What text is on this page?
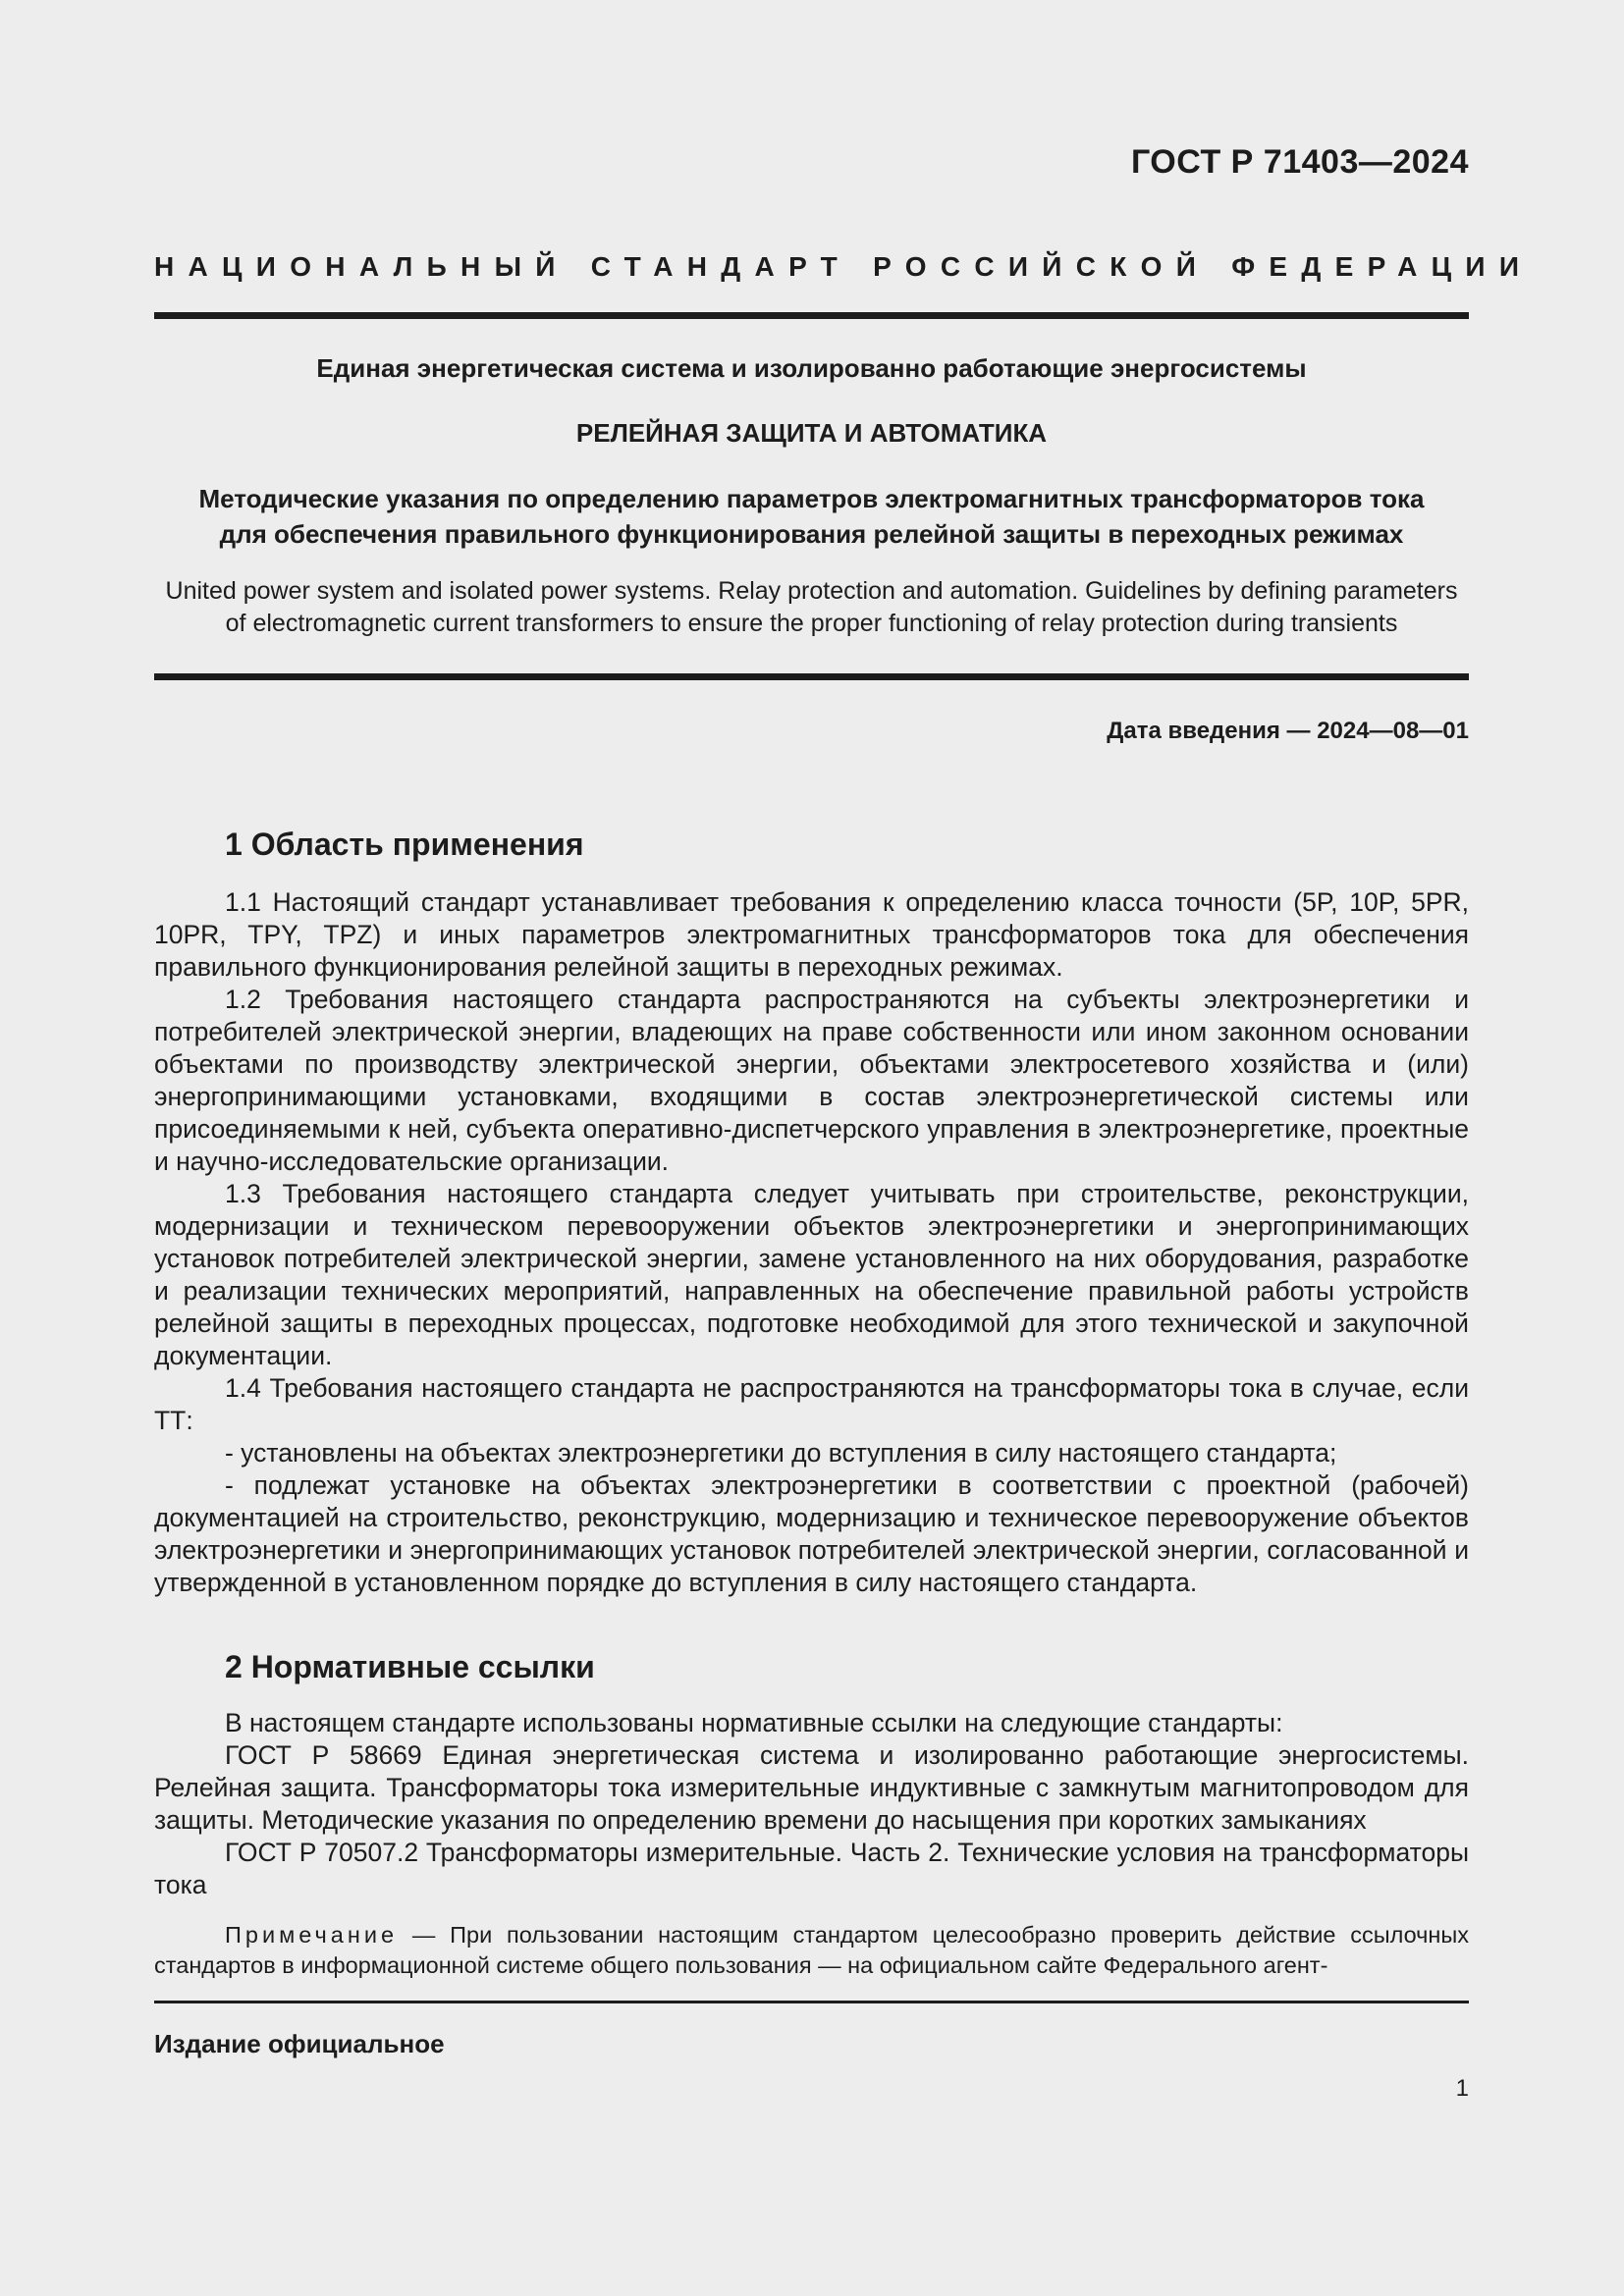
ГОСТ Р 71403—2024
НАЦИОНАЛЬНЫЙ СТАНДАРТ РОССИЙСКОЙ ФЕДЕРАЦИИ
Единая энергетическая система и изолированно работающие энергосистемы
РЕЛЕЙНАЯ ЗАЩИТА И АВТОМАТИКА
Методические указания по определению параметров электромагнитных трансформаторов тока
для обеспечения правильного функционирования релейной защиты в переходных режимах
United power system and isolated power systems. Relay protection and automation. Guidelines by defining parameters
of electromagnetic current transformers to ensure the proper functioning of relay protection during transients
Дата введения — 2024—08—01
1 Область применения

1.1 Настоящий стандарт устанавливает требования к определению класса точности (5P, 10P, 5PR, 10PR, TPY, TPZ) и иных параметров электромагнитных трансформаторов тока для обеспечения правильного функционирования релейной защиты в переходных режимах.

1.2 Требования настоящего стандарта распространяются на субъекты электроэнергетики и потребителей электрической энергии, владеющих на праве собственности или ином законном основании объектами по производству электрической энергии, объектами электросетевого хозяйства и (или) энергопринимающими установками, входящими в состав электроэнергетической системы или присоединяемыми к ней, субъекта оперативно-диспетчерского управления в электроэнергетике, проектные и научно-исследовательские организации.

1.3 Требования настоящего стандарта следует учитывать при строительстве, реконструкции, модернизации и техническом перевооружении объектов электроэнергетики и энергопринимающих установок потребителей электрической энергии, замене установленного на них оборудования, разработке и реализации технических мероприятий, направленных на обеспечение правильной работы устройств релейной защиты в переходных процессах, подготовке необходимой для этого технической и закупочной документации.

1.4 Требования настоящего стандарта не распространяются на трансформаторы тока в случае, если ТТ:

- установлены на объектах электроэнергетики до вступления в силу настоящего стандарта;

- подлежат установке на объектах электроэнергетики в соответствии с проектной (рабочей) документацией на строительство, реконструкцию, модернизацию и техническое перевооружение объектов электроэнергетики и энергопринимающих установок потребителей электрической энергии, согласованной и утвержденной в установленном порядке до вступления в силу настоящего стандарта.

2 Нормативные ссылки

В настоящем стандарте использованы нормативные ссылки на следующие стандарты:

ГОСТ Р 58669 Единая энергетическая система и изолированно работающие энергосистемы. Релейная защита. Трансформаторы тока измерительные индуктивные с замкнутым магнитопроводом для защиты. Методические указания по определению времени до насыщения при коротких замыканиях

ГОСТ Р 70507.2 Трансформаторы измерительные. Часть 2. Технические условия на трансформаторы тока

Примечание — При пользовании настоящим стандартом целесообразно проверить действие ссылочных стандартов в информационной системе общего пользования — на официальном сайте Федерального агент-

Издание официальное
1
